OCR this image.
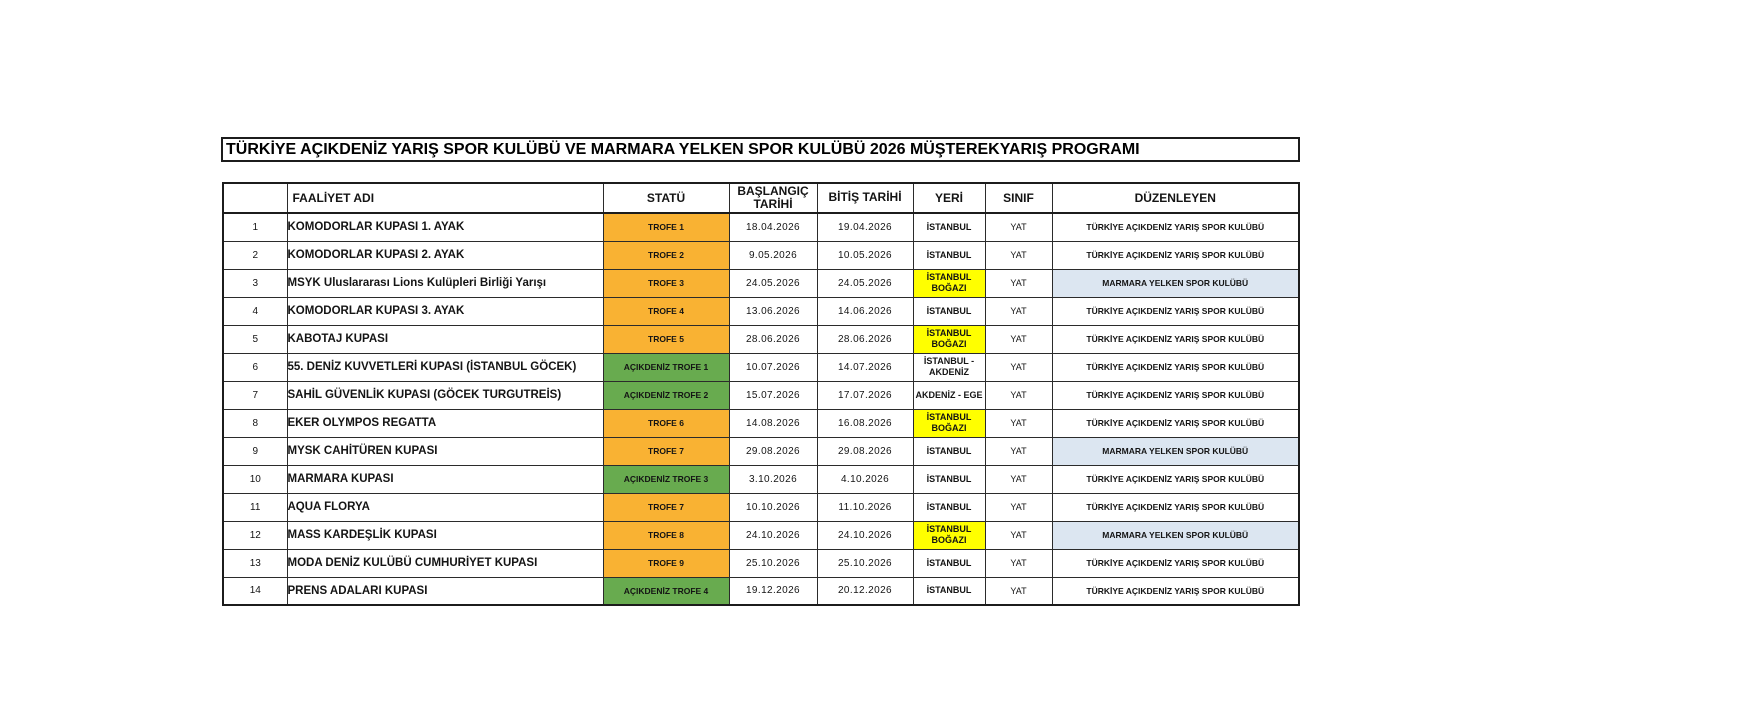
TÜRKİYE AÇIKDENİZ YARIŞ SPOR KULÜBÜ VE MARMARA YELKEN SPOR KULÜBÜ 2026 MÜŞTEREKYARIŞ PROGRAMI
	FAALİYET ADI	STATÜ	BAŞLANGIÇ TARİHİ	BİTİŞ TARİHİ	YERİ	SINIF	DÜZENLEYEN
1	KOMODORLAR KUPASI 1. AYAK	TROFE 1	18.04.2026	19.04.2026	İSTANBUL	YAT	TÜRKİYE AÇIKDENİZ YARIŞ SPOR KULÜBÜ
2	KOMODORLAR KUPASI 2. AYAK	TROFE 2	9.05.2026	10.05.2026	İSTANBUL	YAT	TÜRKİYE AÇIKDENİZ YARIŞ SPOR KULÜBÜ
3	MSYK Uluslararası Lions Kulüpleri Birliği Yarışı	TROFE 3	24.05.2026	24.05.2026	İSTANBUL BOĞAZI	YAT	MARMARA YELKEN SPOR KULÜBÜ
4	KOMODORLAR KUPASI 3. AYAK	TROFE 4	13.06.2026	14.06.2026	İSTANBUL	YAT	TÜRKİYE AÇIKDENİZ YARIŞ SPOR KULÜBÜ
5	KABOTAJ KUPASI	TROFE 5	28.06.2026	28.06.2026	İSTANBUL BOĞAZI	YAT	TÜRKİYE AÇIKDENİZ YARIŞ SPOR KULÜBÜ
6	55. DENİZ KUVVETLERİ KUPASI (İSTANBUL GÖCEK)	AÇIKDENİZ TROFE 1	10.07.2026	14.07.2026	İSTANBUL - AKDENİZ	YAT	TÜRKİYE AÇIKDENİZ YARIŞ SPOR KULÜBÜ
7	SAHİL GÜVENLİK KUPASI (GÖCEK TURGUTREİS)	AÇIKDENİZ TROFE 2	15.07.2026	17.07.2026	AKDENİZ - EGE	YAT	TÜRKİYE AÇIKDENİZ YARIŞ SPOR KULÜBÜ
8	EKER OLYMPOS REGATTA	TROFE 6	14.08.2026	16.08.2026	İSTANBUL BOĞAZI	YAT	TÜRKİYE AÇIKDENİZ YARIŞ SPOR KULÜBÜ
9	MYSK CAHİTÜREN KUPASI	TROFE 7	29.08.2026	29.08.2026	İSTANBUL	YAT	MARMARA YELKEN SPOR KULÜBÜ
10	MARMARA KUPASI	AÇIKDENİZ TROFE 3	3.10.2026	4.10.2026	İSTANBUL	YAT	TÜRKİYE AÇIKDENİZ YARIŞ SPOR KULÜBÜ
11	AQUA FLORYA	TROFE 7	10.10.2026	11.10.2026	İSTANBUL	YAT	TÜRKİYE AÇIKDENİZ YARIŞ SPOR KULÜBÜ
12	MASS KARDEŞLİK KUPASI	TROFE 8	24.10.2026	24.10.2026	İSTANBUL BOĞAZI	YAT	MARMARA YELKEN SPOR KULÜBÜ
13	MODA DENİZ KULÜBÜ CUMHURİYET KUPASI	TROFE 9	25.10.2026	25.10.2026	İSTANBUL	YAT	TÜRKİYE AÇIKDENİZ YARIŞ SPOR KULÜBÜ
14	PRENS ADALARI KUPASI	AÇIKDENİZ TROFE 4	19.12.2026	20.12.2026	İSTANBUL	YAT	TÜRKİYE AÇIKDENİZ YARIŞ SPOR KULÜBÜ
